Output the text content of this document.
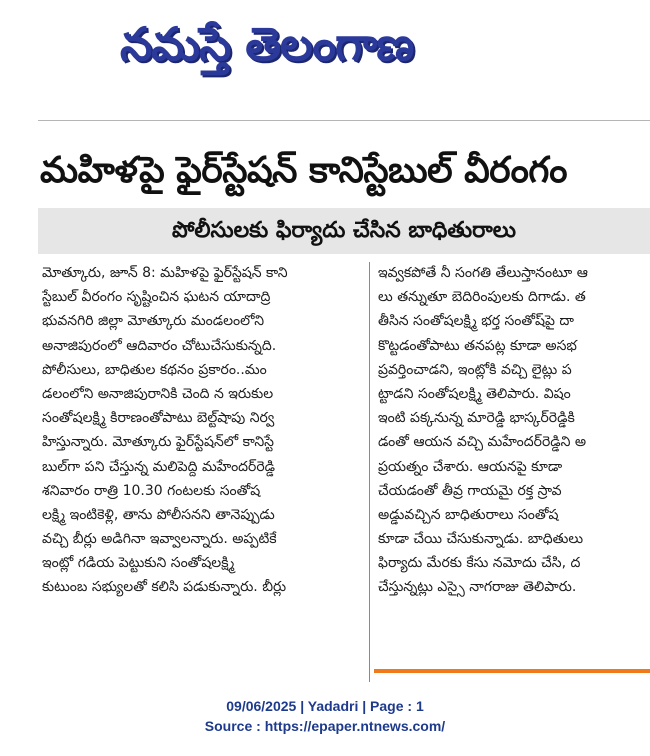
నమస్తే తెలంగాణ
మహిళపై ఫైర్‌స్టేషన్ కానిస్టేబుల్ వీరంగం
పోలీసులకు ఫిర్యాదు చేసిన బాధితురాలు
మోత్కూరు, జూన్ 8: మహిళపై ఫైర్‌స్టేషన్ కాని
స్టేబుల్ వీరంగం సృష్టించిన ఘటన యాదాద్రి
భువనగిరి జిల్లా మోత్కూరు మండలంలోని
అనాజిపురంలో ఆదివారం చోటుచేసుకున్నది.
పోలీసులు, బాధితుల కథనం ప్రకారం..మం
డలంలోని అనాజిపురానికి చెంది న ఇరుకుల
సంతోషలక్ష్మి కిరాణంతోపాటు బెల్ట్‌షాపు నిర్వ
హిస్తున్నారు. మోత్కూరు ఫైర్‌స్టేషన్‌లో కానిస్టే
బుల్‌గా పని చేస్తున్న మలిపెద్ది మహేందర్‌రెడ్డి
శనివారం రాత్రి 10.30 గంటలకు సంతోష
లక్ష్మి ఇంటికెళ్లి, తాను పోలీసనని తానెప్పుడు
వచ్చి బీర్లు అడిగినా ఇవ్వాలన్నారు. అప్పటికే
ఇంట్లో గడియ పెట్టుకుని సంతోషలక్ష్మి
కుటుంబ సభ్యులతో కలిసి పడుకున్నారు. బీర్లు
ఇవ్వకపోతే నీ సంగతి తేలుస్తానంటూ ఆ
లు తన్నుతూ బెదిరింపులకు దిగాడు. త
తీసిన సంతోషలక్ష్మి భర్త సంతోష్‌పై దా
కొట్టడంతోపాటు తనపట్ల కూడా అసభ
ప్రవర్తించాడని, ఇంట్లోకి వచ్చి లైట్లు ప
ట్టాడని సంతోషలక్ష్మి తెలిపారు. విషం
ఇంటి పక్కనున్న మారెడ్డి భాస్కర్‌రెడ్డికి
డంతో ఆయన వచ్చి మహేందర్‌రెడ్డిని అ
ప్రయత్నం చేశారు. ఆయనపై కూడా
చేయడంతో తీవ్ర గాయమై రక్త స్రావ
అడ్డువచ్చిన బాధితురాలు సంతోష
కూడా చేయి చేసుకున్నాడు. బాధితులు
ఫిర్యాదు మేరకు కేసు నమోదు చేసి, ద
చేస్తున్నట్లు ఎస్సై నాగరాజు తెలిపారు.
09/06/2025 | Yadadri | Page : 1
Source : https://epaper.ntnews.com/
